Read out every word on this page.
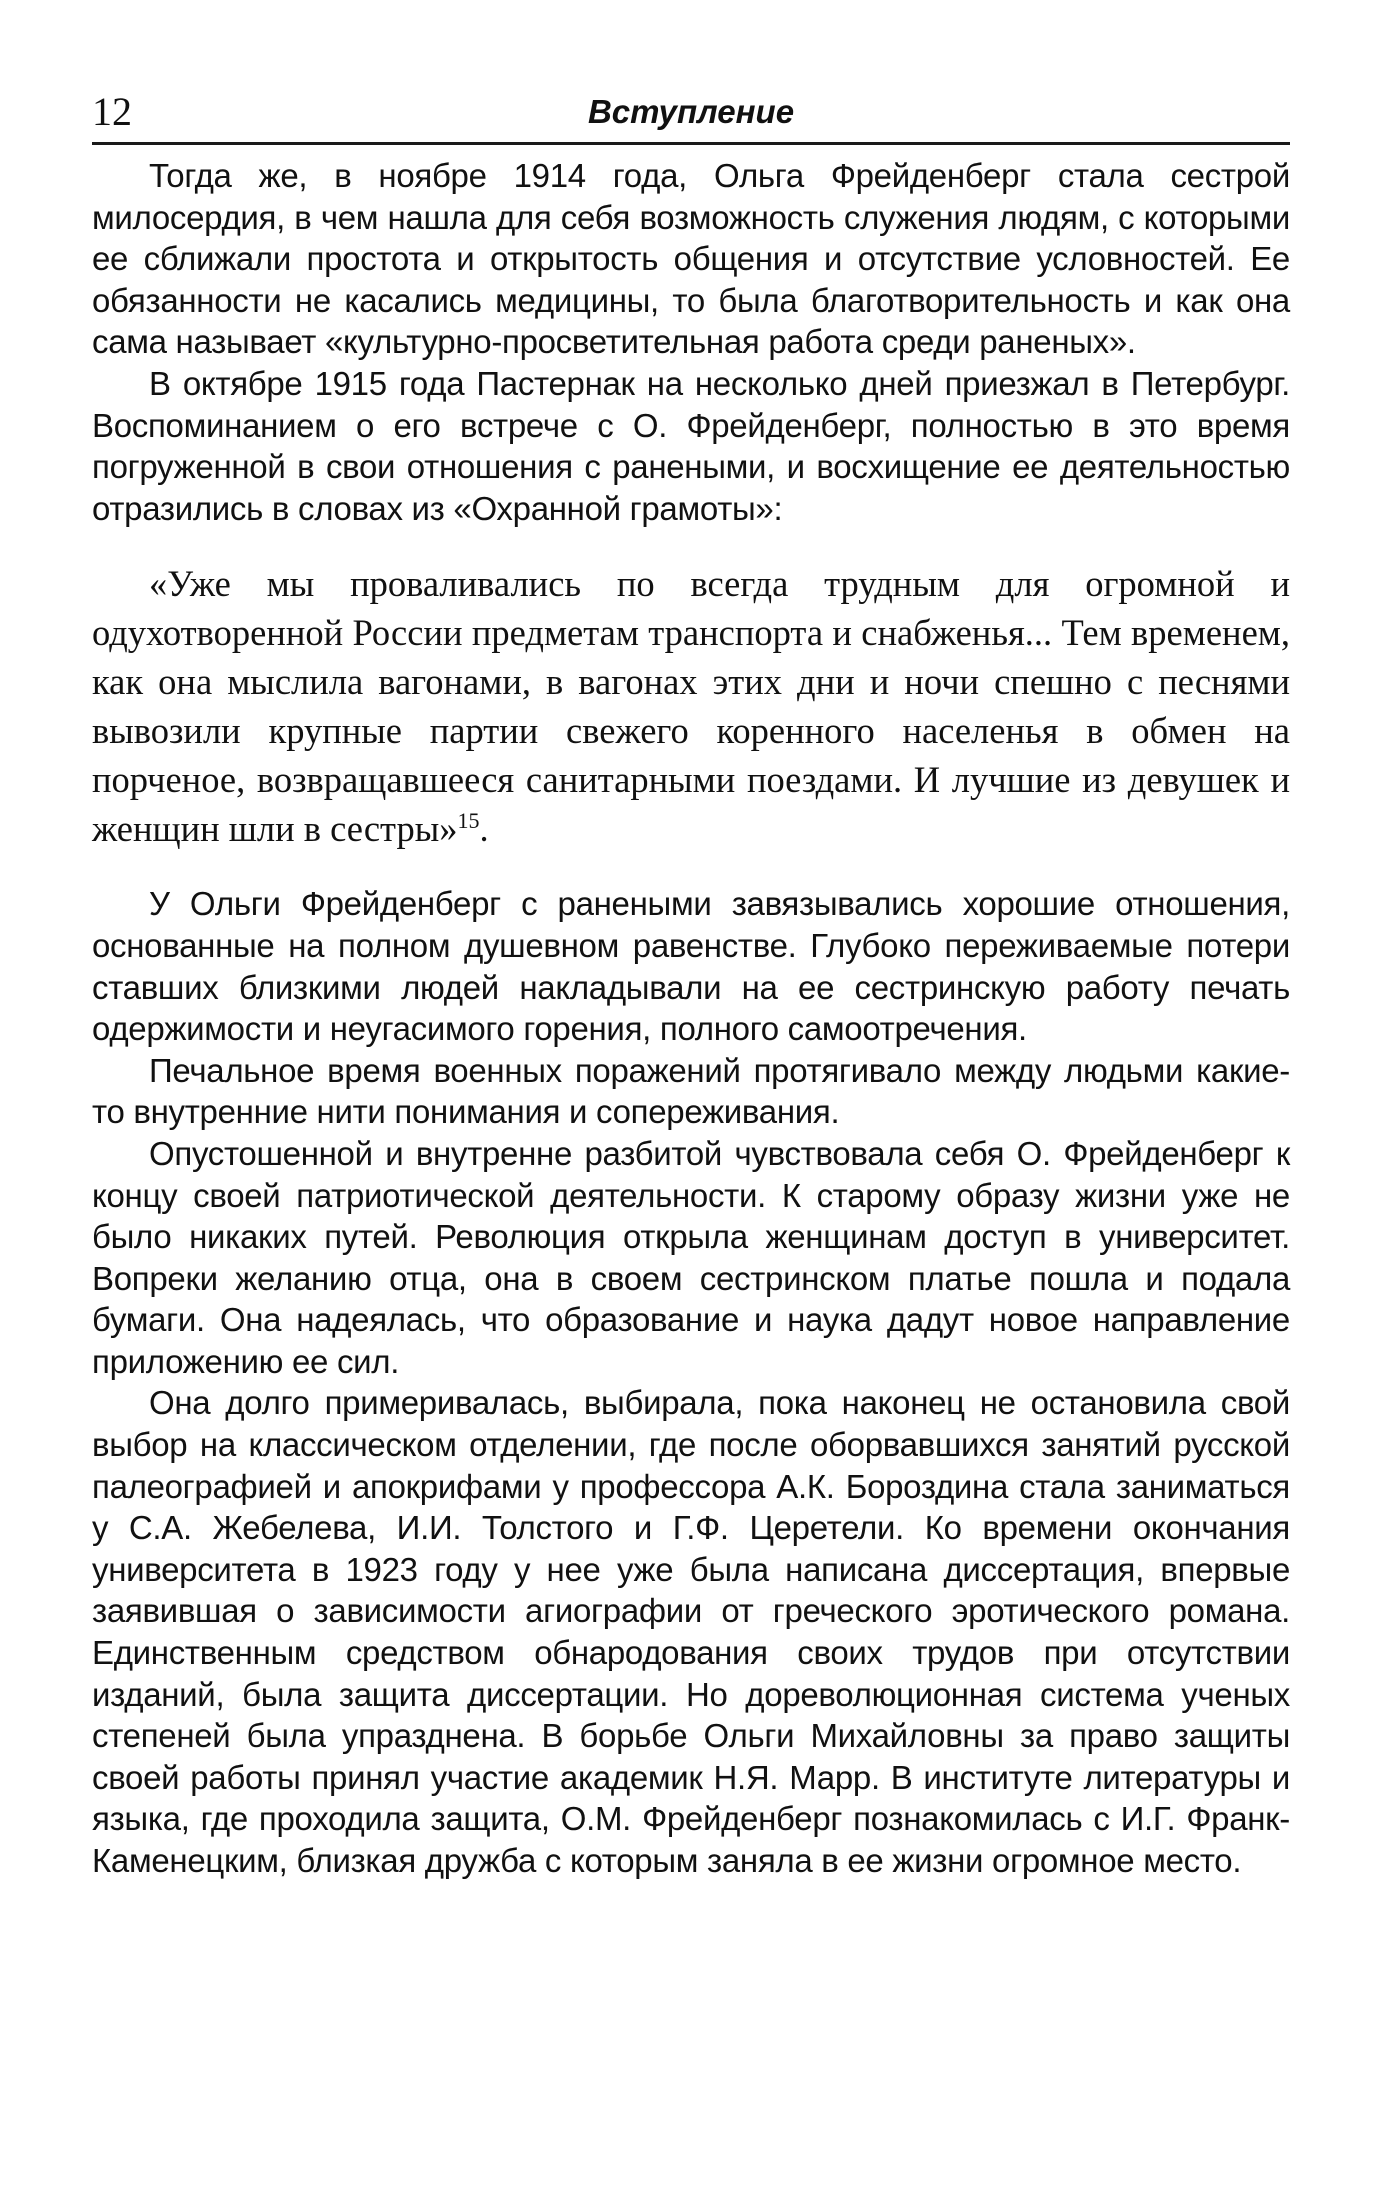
12	Вступление

Тогда же, в ноябре 1914 года, Ольга Фрейденберг стала сестрой милосердия, в чем нашла для себя возможность служения людям, с которыми ее сближали простота и открытость общения и отсутствие условностей. Ее обязанности не касались медицины, то была благотворительность и как она сама называет «культурно-просветительная работа среди раненых».

В октябре 1915 года Пастернак на несколько дней приезжал в Петербург. Воспоминанием о его встрече с О. Фрейденберг, полностью в это время погруженной в свои отношения с ранеными, и восхищение ее деятельностью отразились в словах из «Охранной грамоты»:

«Уже мы проваливались по всегда трудным для огромной и одухотворенной России предметам транспорта и снабженья... Тем временем, как она мыслила вагонами, в вагонах этих дни и ночи спешно с песнями вывозили крупные партии свежего коренного населенья в обмен на порченое, возвращавшееся санитарными поездами. И лучшие из девушек и женщин шли в сестры»$^{15}$.

У Ольги Фрейденберг с ранеными завязывались хорошие отношения, основанные на полном душевном равенстве. Глубоко переживаемые потери ставших близкими людей накладывали на ее сестринскую работу печать одержимости и неугасимого горения, полного самоотречения.

Печальное время военных поражений протягивало между людьми какие-то внутренние нити понимания и сопереживания.

Опустошенной и внутренне разбитой чувствовала себя О. Фрейденберг к концу своей патриотической деятельности. К старому образу жизни уже не было никаких путей. Революция открыла женщинам доступ в университет. Вопреки желанию отца, она в своем сестринском платье пошла и подала бумаги. Она надеялась, что образование и наука дадут новое направление приложению ее сил.

Она долго примеривалась, выбирала, пока наконец не остановила свой выбор на классическом отделении, где после оборвавшихся занятий русской палеографией и апокрифами у профессора А.К. Бороздина стала заниматься у С.А. Жебелева, И.И. Толстого и Г.Ф. Церетели. Ко времени окончания университета в 1923 году у нее уже была написана диссертация, впервые заявившая о зависимости агиографии от греческого эротического романа. Единственным средством обнародования своих трудов при отсутствии изданий, была защита диссертации. Но дореволюционная система ученых степеней была упразднена. В борьбе Ольги Михайловны за право защиты своей работы принял участие академик Н.Я. Марр. В институте литературы и языка, где проходила защита, О.М. Фрейденберг познакомилась с И.Г. Франк-Каменецким, близкая дружба с которым заняла в ее жизни огромное место.
